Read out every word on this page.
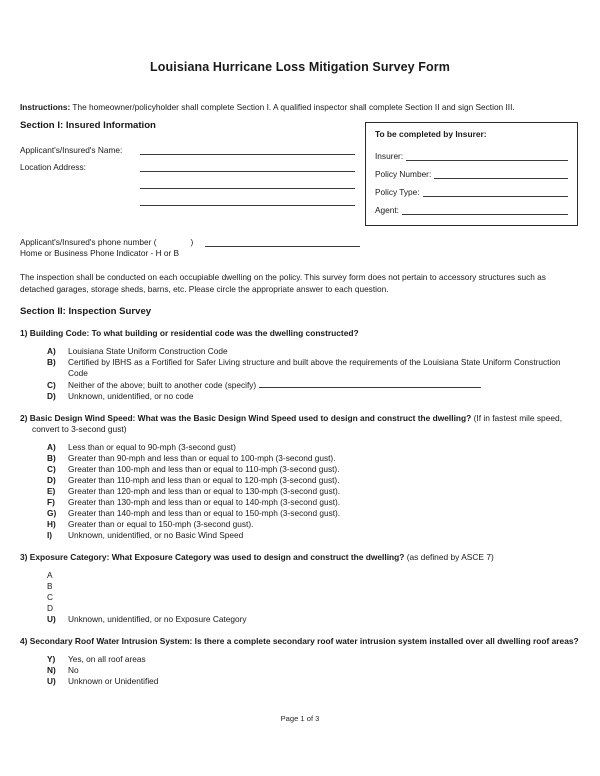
Louisiana Hurricane Loss Mitigation Survey Form
Instructions: The homeowner/policyholder shall complete Section I. A qualified inspector shall complete Section II and sign Section III.
Section I: Insured Information
Applicant's/Insured's Name:
Location Address:
To be completed by Insurer:
Insurer:
Policy Number:
Policy Type:
Agent:
Applicant's/Insured's phone number (	)
Home or Business Phone Indicator - H or B
The inspection shall be conducted on each occupiable dwelling on the policy. This survey form does not pertain to accessory structures such as detached garages, storage sheds, barns, etc. Please circle the appropriate answer to each question.
Section II: Inspection Survey
1) Building Code: To what building or residential code was the dwelling constructed?
A)	Louisiana State Uniform Construction Code
B)	Certified by IBHS as a Fortified for Safer Living structure and built above the requirements of the Louisiana State Uniform Construction Code
C)	Neither of the above; built to another code (specify)
D)	Unknown, unidentified, or no code
2) Basic Design Wind Speed: What was the Basic Design Wind Speed used to design and construct the dwelling? (If in fastest mile speed, convert to 3-second gust)
A)	Less than or equal to 90-mph (3-second gust)
B)	Greater than 90-mph and less than or equal to 100-mph (3-second gust).
C)	Greater than 100-mph and less than or equal to 110-mph (3-second gust).
D)	Greater than 110-mph and less than or equal to 120-mph (3-second gust).
E)	Greater than 120-mph and less than or equal to 130-mph (3-second gust).
F)	Greater than 130-mph and less than or equal to 140-mph (3-second gust).
G)	Greater than 140-mph and less than or equal to 150-mph (3-second gust).
H)	Greater than or equal to 150-mph (3-second gust).
I)	Unknown, unidentified, or no Basic Wind Speed
3) Exposure Category: What Exposure Category was used to design and construct the dwelling? (as defined by ASCE 7)
A
B
C
D
U)	Unknown, unidentified, or no Exposure Category
4) Secondary Roof Water Intrusion System: Is there a complete secondary roof water intrusion system installed over all dwelling roof areas?
Y)	Yes, on all roof areas
N)	No
U)	Unknown or Unidentified
Page 1 of 3
